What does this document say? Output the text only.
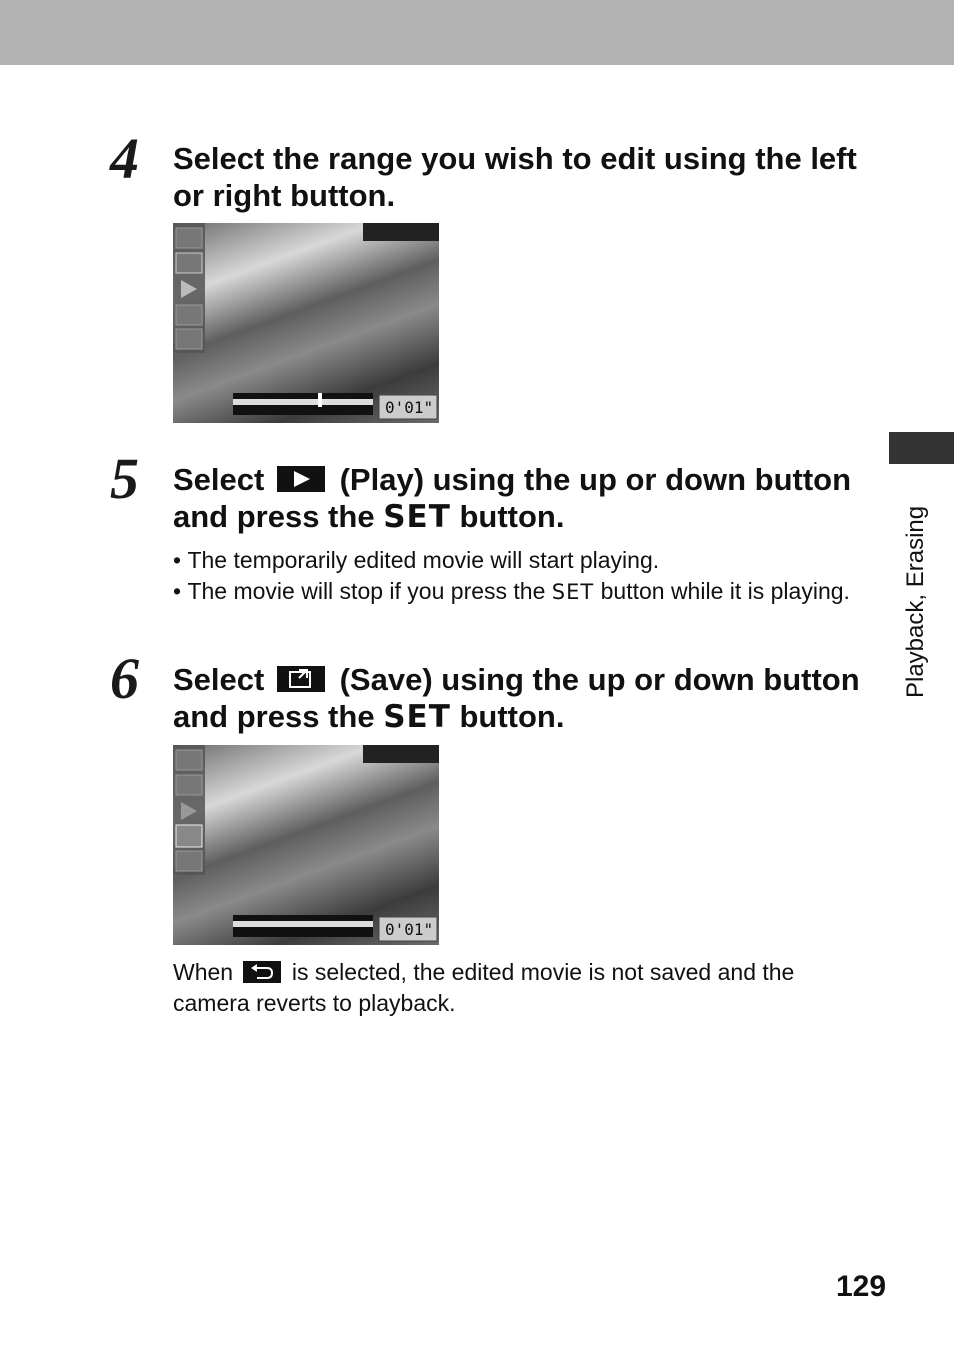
4 Select the range you wish to edit using the left or right button.
0'01"
5 Select (Play) using the up or down button and press the SET button.
• The temporarily edited movie will start playing.
• The movie will stop if you press the SET button while it is playing.
6 Select (Save) using the up or down button and press the SET button.
0'01"
When	is selected, the edited movie is not saved and the camera reverts to playback.
Playback, Erasing
129
